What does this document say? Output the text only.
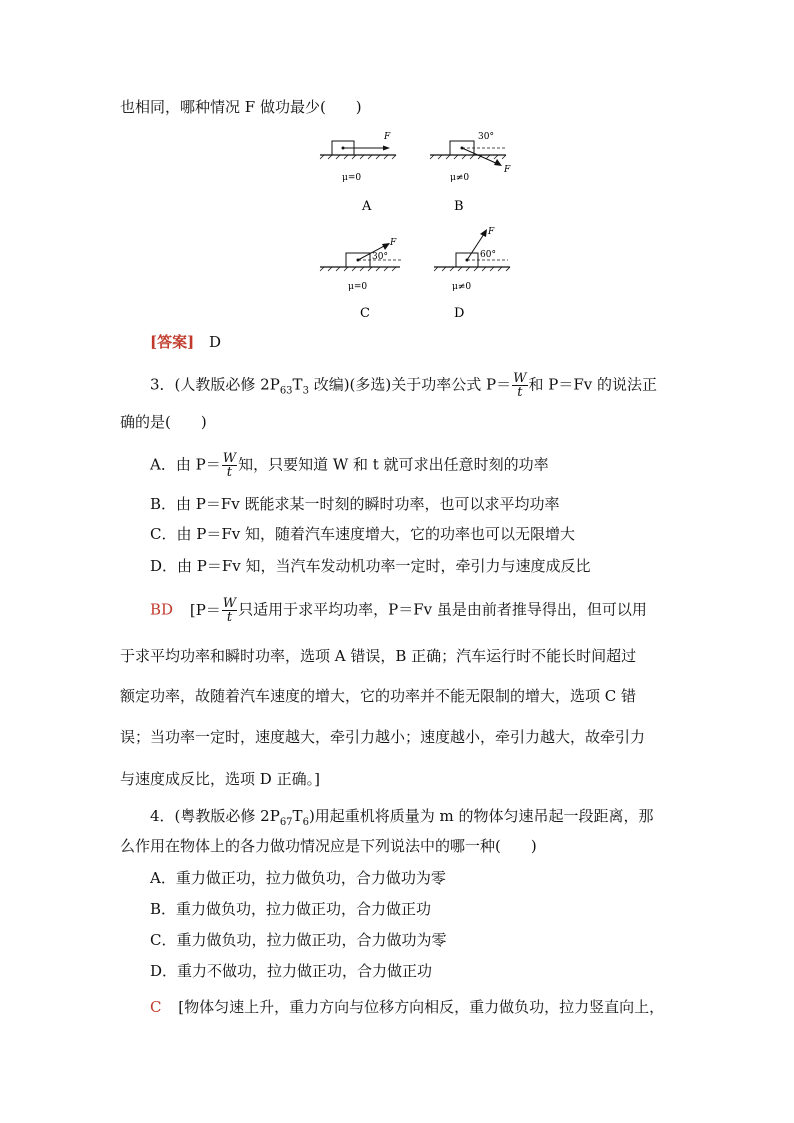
也相同，哪种情况 F 做功最少(　　)
F
μ=0
A
30°
F
μ≠0
B
F
30°
μ=0
C
F
60°
μ≠0
D
[答案] D
3．(人教版必修 $2P_{63}T_3$ 改编)(多选)关于功率公式 $P= \frac{W}{t}$ 和 P＝Fv 的说法正
确的是(　　)
A．由 $P= \frac{W}{t}$ 知，只要知道 W 和 t 就可求出任意时刻的功率
B．由 P＝Fv 既能求某一时刻的瞬时功率，也可以求平均功率
C．由 P＝Fv 知，随着汽车速度增大，它的功率也可以无限增大
D．由 P＝Fv 知，当汽车发动机功率一定时，牵引力与速度成反比
BD [$P= \frac{W}{t}$ 只适用于求平均功率，P＝Fv 虽是由前者推导得出，但可以用
于求平均功率和瞬时功率，选项 A 错误，B 正确；汽车运行时不能长时间超过
额定功率，故随着汽车速度的增大，它的功率并不能无限制的增大，选项 C 错
误；当功率一定时，速度越大，牵引力越小；速度越小，牵引力越大，故牵引力
与速度成反比，选项 D 正确。]
4．(粤教版必修 $2P_{67}T_6$)用起重机将质量为 m 的物体匀速吊起一段距离，那
么作用在物体上的各力做功情况应是下列说法中的哪一种(　　)
A．重力做正功，拉力做负功，合力做功为零
B．重力做负功，拉力做正功，合力做正功
C．重力做负功，拉力做正功，合力做功为零
D．重力不做功，拉力做正功，合力做正功
C [物体匀速上升，重力方向与位移方向相反，重力做负功，拉力竖直向上，
